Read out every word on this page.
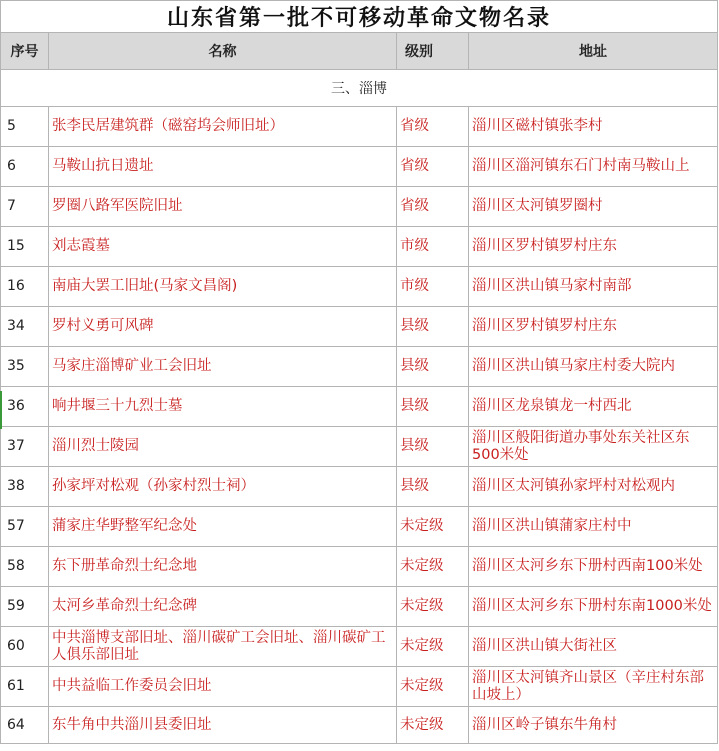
山东省第一批不可移动革命文物名录			
序号	名称	级别	地址
三、淄博			
5	张李民居建筑群（磁窑坞会师旧址）	省级	淄川区磁村镇张李村
6	马鞍山抗日遗址	省级	淄川区淄河镇东石门村南马鞍山上
7	罗圈八路军医院旧址	省级	淄川区太河镇罗圈村
15	刘志霞墓	市级	淄川区罗村镇罗村庄东
16	南庙大罢工旧址(马家文昌阁)	市级	淄川区洪山镇马家村南部
34	罗村义勇可风碑	县级	淄川区罗村镇罗村庄东
35	马家庄淄博矿业工会旧址	县级	淄川区洪山镇马家庄村委大院内
36	响井堰三十九烈士墓	县级	淄川区龙泉镇龙一村西北
37	淄川烈士陵园	县级	淄川区般阳街道办事处东关社区东500米处
38	孙家坪对松观（孙家村烈士祠）	县级	淄川区太河镇孙家坪村对松观内
57	蒲家庄华野整军纪念处	未定级	淄川区洪山镇蒲家庄村中
58	东下册革命烈士纪念地	未定级	淄川区太河乡东下册村西南100米处
59	太河乡革命烈士纪念碑	未定级	淄川区太河乡东下册村东南1000米处
60	中共淄博支部旧址、淄川碳矿工会旧址、淄川碳矿工人俱乐部旧址	未定级	淄川区洪山镇大街社区
61	中共益临工作委员会旧址	未定级	淄川区太河镇齐山景区（辛庄村东部山坡上）
64	东牛角中共淄川县委旧址	未定级	淄川区岭子镇东牛角村
